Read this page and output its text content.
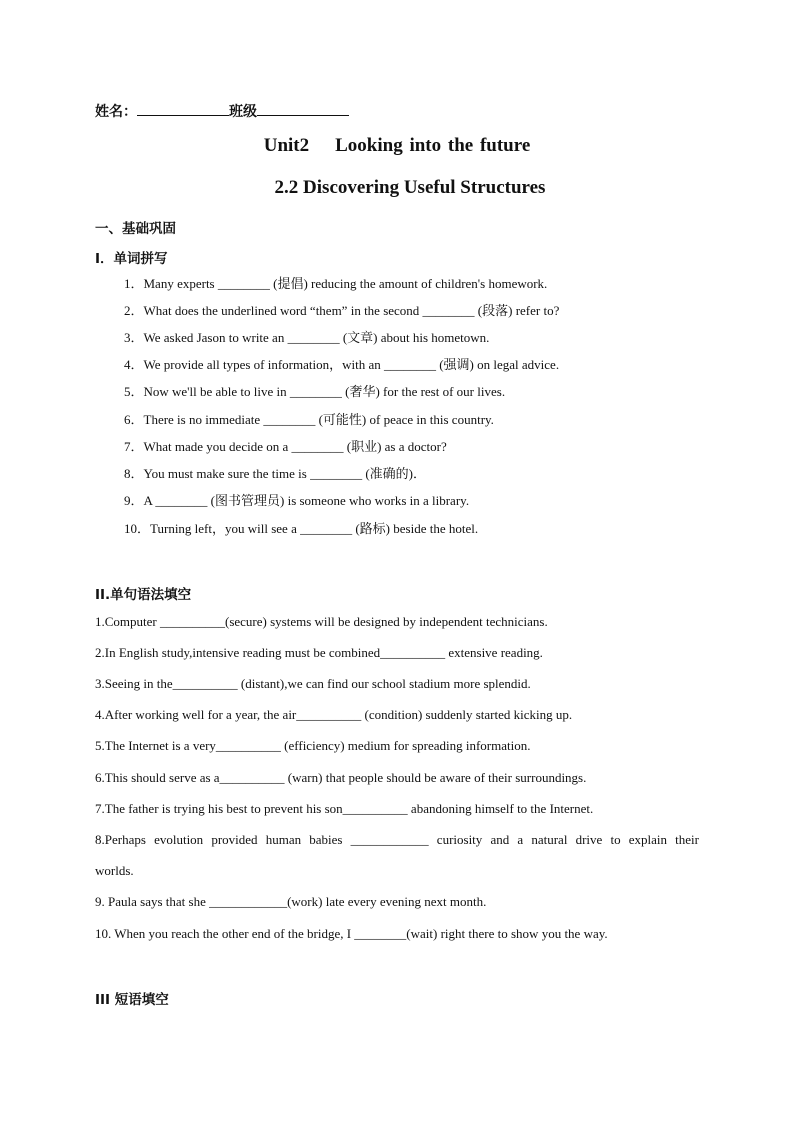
姓名：	班级
Unit2 Looking into the future
2.2 Discovering Useful Structures
一、基础巩固
I．单词拼写
1．Many experts ________ (提倡) reducing the amount of children's homework.
2．What does the underlined word “them” in the second ________ (段落) refer to?
3．We asked Jason to write an ________ (文章) about his hometown.
4．We provide all types of information，with an ________ (强调) on legal advice.
5．Now we'll be able to live in ________ (奢华) for the rest of our lives.
6．There is no immediate ________ (可能性) of peace in this country.
7．What made you decide on a ________ (职业) as a doctor?
8．You must make sure the time is ________ (准确的)．
9．A ________ (图书管理员) is someone who works in a library.
10．Turning left，you will see a ________ (路标) beside the hotel.
II.单句语法填空
1.Computer __________(secure) systems will be designed by independent technicians.
2.In English study,intensive reading must be combined__________ extensive reading.
3.Seeing in the__________ (distant),we can find our school stadium more splendid.
4.After working well for a year, the air__________ (condition) suddenly started kicking up.
5.The Internet is a very__________ (efficiency) medium for spreading information.
6.This should serve as a__________ (warn) that people should be aware of their surroundings.
7.The father is trying his best to prevent his son__________ abandoning himself to the Internet.
8.Perhaps evolution provided human babies ____________ curiosity and a natural drive to explain their
worlds.
9. Paula says that she ____________(work) late every evening next month.
10. When you reach the other end of the bridge, I ________(wait) right there to show you the way.
III 短语填空
